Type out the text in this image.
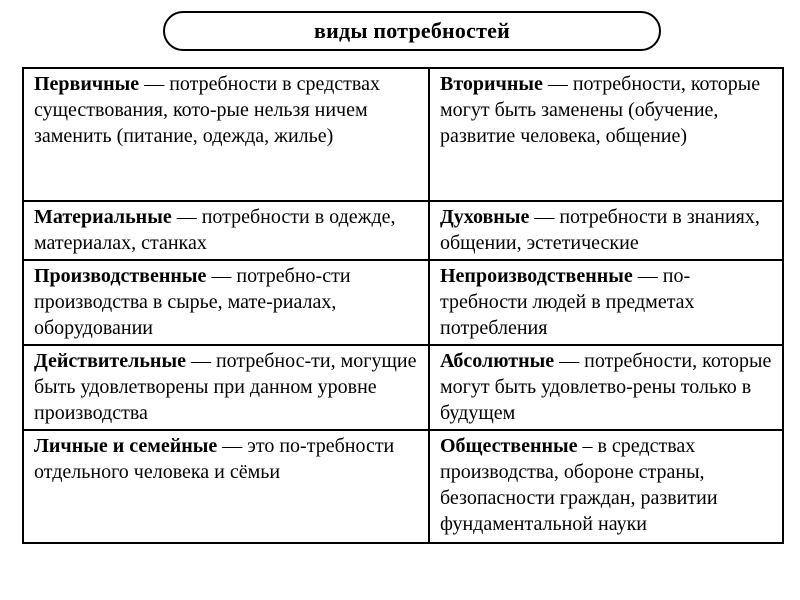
виды потребностей
Первичные — потребности в средствах существования, кото-рые нельзя ничем заменить (питание, одежда, жилье)	Вторичные — потребности, которые могут быть заменены (обучение, развитие человека, общение)
Материальные — потребности в одежде, материалах, станках	Духовные — потребности в знаниях, общении, эстетические
Производственные — потребно-сти производства в сырье, мате-риалах, оборудовании	Непроизводственные — по-требности людей в предметах потребления
Действительные — потребнос-ти, могущие быть удовлетворены при данном уровне производства	Абсолютные — потребности, которые могут быть удовлетво-рены только в будущем
Личные и семейные — это по-требности отдельного человека и сёмьи	Общественные – в средствах производства, обороне страны, безопасности граждан, развитии фундаментальной науки
